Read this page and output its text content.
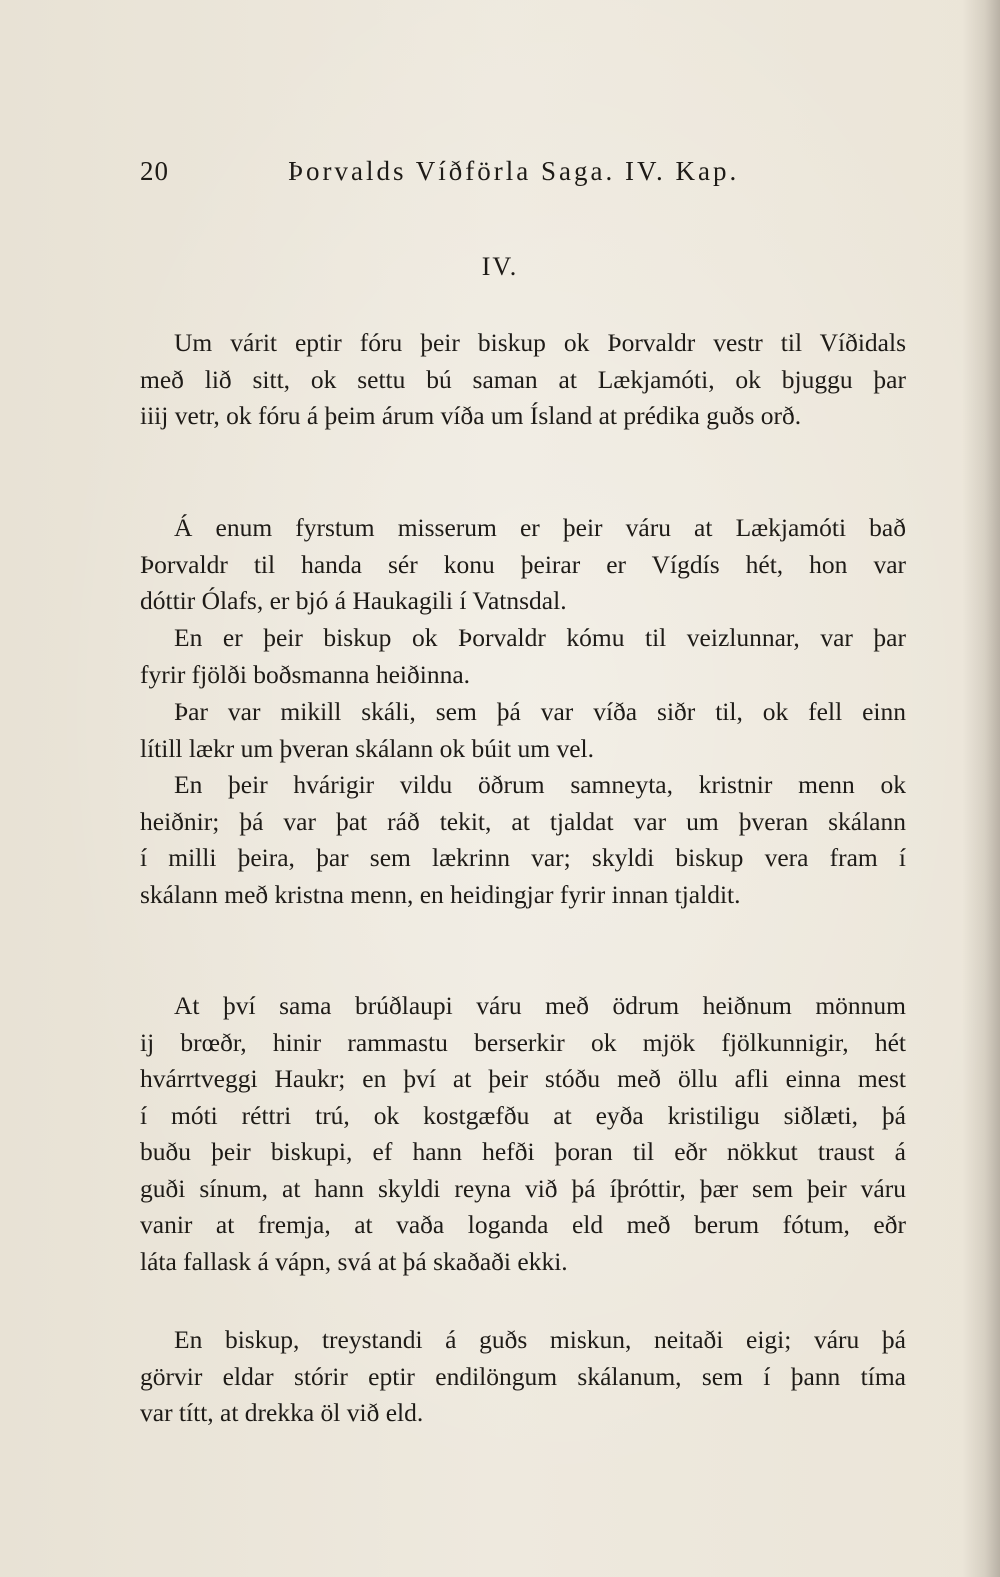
20	Þorvalds Víðförla Saga. IV. Kap.
IV.
Um várit eptir fóru þeir biskup ok Þorvaldr vestr til Víðidals
með lið sitt, ok settu bú saman at Lækjamóti, ok bjuggu þar
iiij vetr, ok fóru á þeim árum víða um Ísland at prédika guðs orð.
Á enum fyrstum misserum er þeir váru at Lækjamóti bað
Þorvaldr til handa sér konu þeirar er Vígdís hét, hon var
dóttir Ólafs, er bjó á Haukagili í Vatnsdal.
En er þeir biskup ok Þorvaldr kómu til veizlunnar, var þar
fyrir fjölði boðsmanna heiðinna.
Þar var mikill skáli, sem þá var víða siðr til, ok fell einn
lítill lækr um þveran skálann ok búit um vel.
En þeir hvárigir vildu öðrum samneyta, kristnir menn ok
heiðnir; þá var þat ráð tekit, at tjaldat var um þveran skálann
í milli þeira, þar sem lækrinn var; skyldi biskup vera fram í
skálann með kristna menn, en heidingjar fyrir innan tjaldit.
At því sama brúðlaupi váru með ödrum heiðnum mönnum
ij brœðr, hinir rammastu berserkir ok mjök fjölkunnigir, hét
hvárrtveggi Haukr; en því at þeir stóðu með öllu afli einna mest
í móti réttri trú, ok kostgæfðu at eyða kristiligu siðlæti, þá
buðu þeir biskupi, ef hann hefði þoran til eðr nökkut traust á
guði sínum, at hann skyldi reyna við þá íþróttir, þær sem þeir váru
vanir at fremja, at vaða loganda eld með berum fótum, eðr
láta fallask á vápn, svá at þá skaðaði ekki.
En biskup, treystandi á guðs miskun, neitaði eigi; váru þá
görvir eldar stórir eptir endilöngum skálanum, sem í þann tíma
var títt, at drekka öl við eld.
